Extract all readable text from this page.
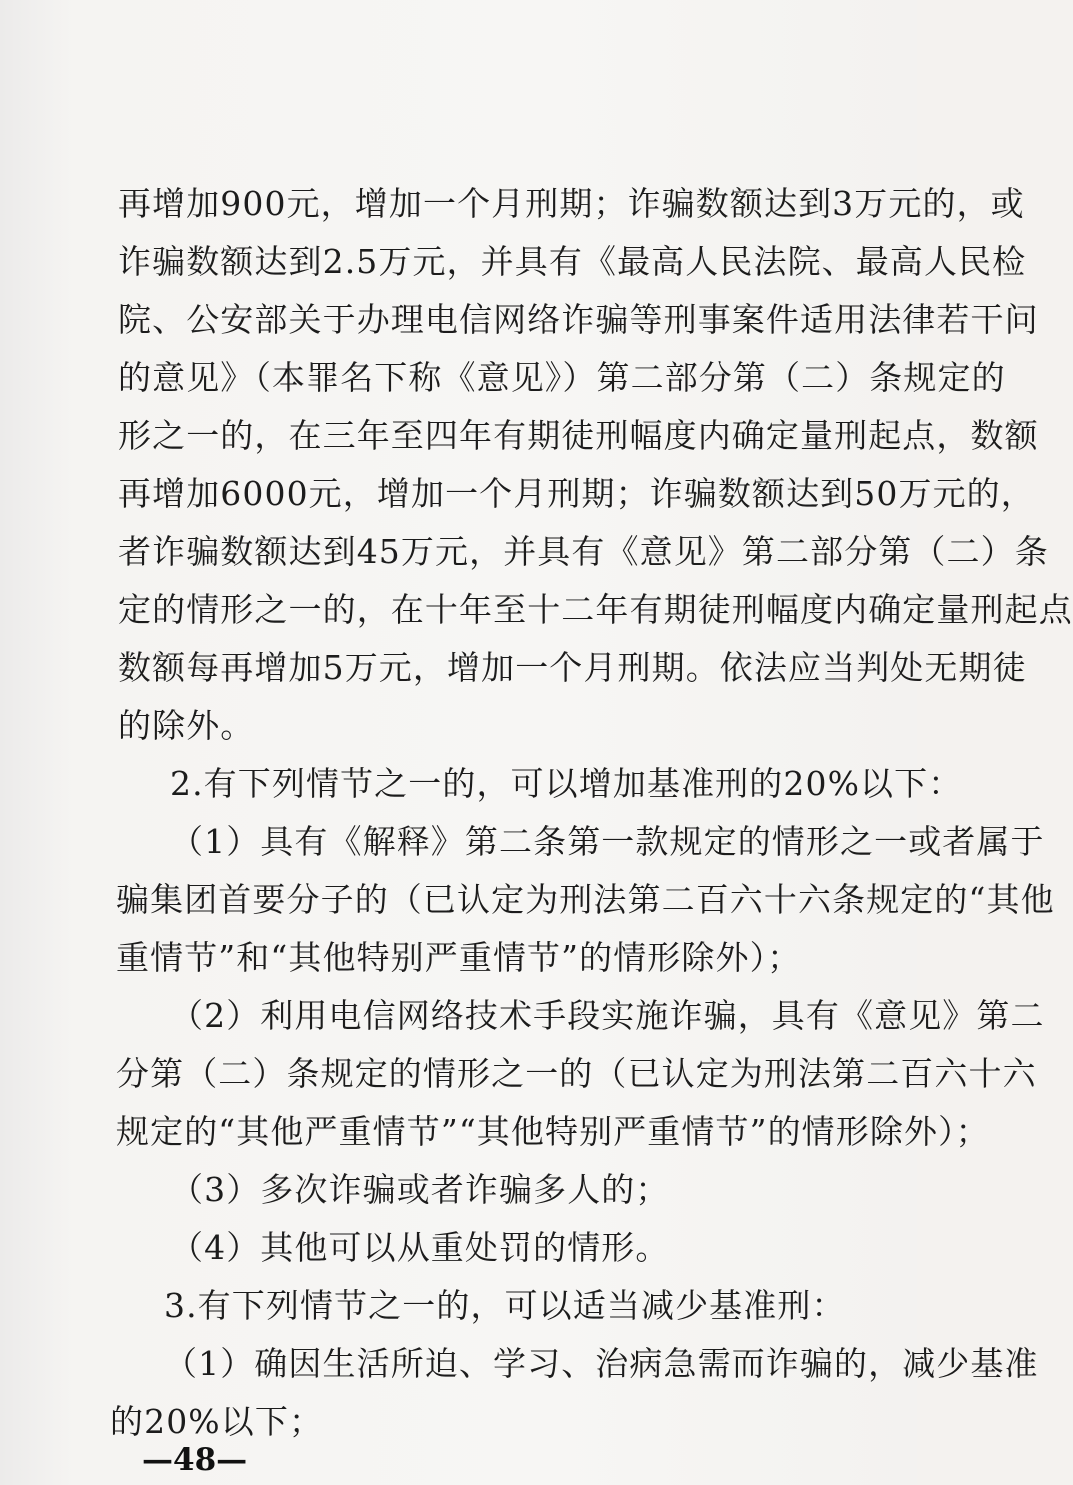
再增加900元，增加一个月刑期；诈骗数额达到3万元的，或
诈骗数额达到2.5万元，并具有《最高人民法院、最高人民检
院、公安部关于办理电信网络诈骗等刑事案件适用法律若干问
的意见》（本罪名下称《意见》）第二部分第（二）条规定的
形之一的，在三年至四年有期徒刑幅度内确定量刑起点，数额
再增加6000元，增加一个月刑期；诈骗数额达到50万元的，
者诈骗数额达到45万元，并具有《意见》第二部分第（二）条
定的情形之一的，在十年至十二年有期徒刑幅度内确定量刑起点
数额每再增加5万元，增加一个月刑期。依法应当判处无期徒
的除外。
2.有下列情节之一的，可以增加基准刑的20%以下：
（1）具有《解释》第二条第一款规定的情形之一或者属于
骗集团首要分子的（已认定为刑法第二百六十六条规定的“其他
重情节”和“其他特别严重情节”的情形除外）；
（2）利用电信网络技术手段实施诈骗，具有《意见》第二
分第（二）条规定的情形之一的（已认定为刑法第二百六十六
规定的“其他严重情节”“其他特别严重情节”的情形除外）；
（3）多次诈骗或者诈骗多人的；
（4）其他可以从重处罚的情形。
3.有下列情节之一的，可以适当减少基准刑：
（1）确因生活所迫、学习、治病急需而诈骗的，减少基准
的20%以下；
—48—
